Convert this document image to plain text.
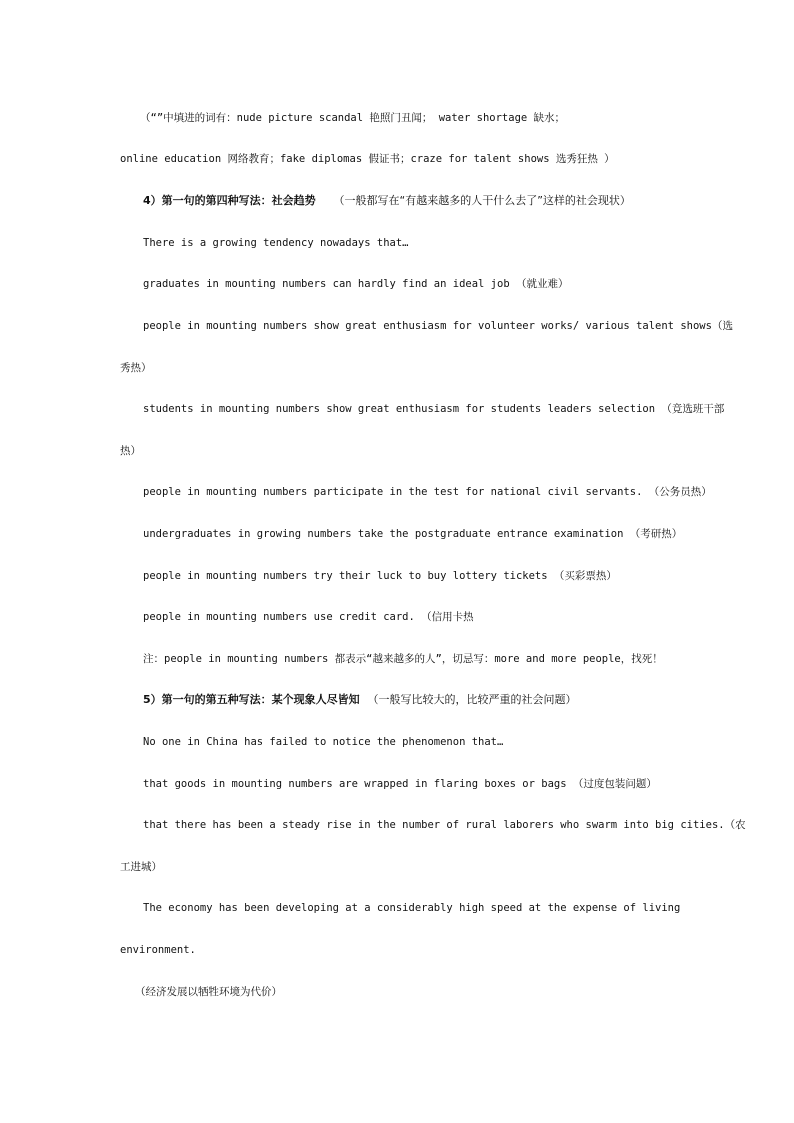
（“”中填进的词有：nude picture scandal 艳照门丑闻； water shortage 缺水；
online education 网络教育；fake diplomas 假证书；craze for talent shows 选秀狂热 ）
4）第一句的第四种写法：社会趋势 （一般都写在“有越来越多的人干什么去了”这样的社会现状）
There is a growing tendency nowadays that…
graduates in mounting numbers can hardly find an ideal job （就业难）
people in mounting numbers show great enthusiasm for volunteer works/ various talent shows（选
秀热）
students in mounting numbers show great enthusiasm for students leaders selection （竞选班干部
热）
people in mounting numbers participate in the test for national civil servants. （公务员热）
undergraduates in growing numbers take the postgraduate entrance examination （考研热）
people in mounting numbers try their luck to buy lottery tickets （买彩票热）
people in mounting numbers use credit card. （信用卡热
注：people in mounting numbers 都表示“越来越多的人”，切忌写：more and more people，找死！
5）第一句的第五种写法：某个现象人尽皆知 （一般写比较大的，比较严重的社会问题）
No one in China has failed to notice the phenomenon that…
that goods in mounting numbers are wrapped in flaring boxes or bags （过度包装问题）
that there has been a steady rise in the number of rural laborers who swarm into big cities.（农
工进城）
The economy has been developing at a considerably high speed at the expense of living
environment.
（经济发展以牺牲环境为代价）
